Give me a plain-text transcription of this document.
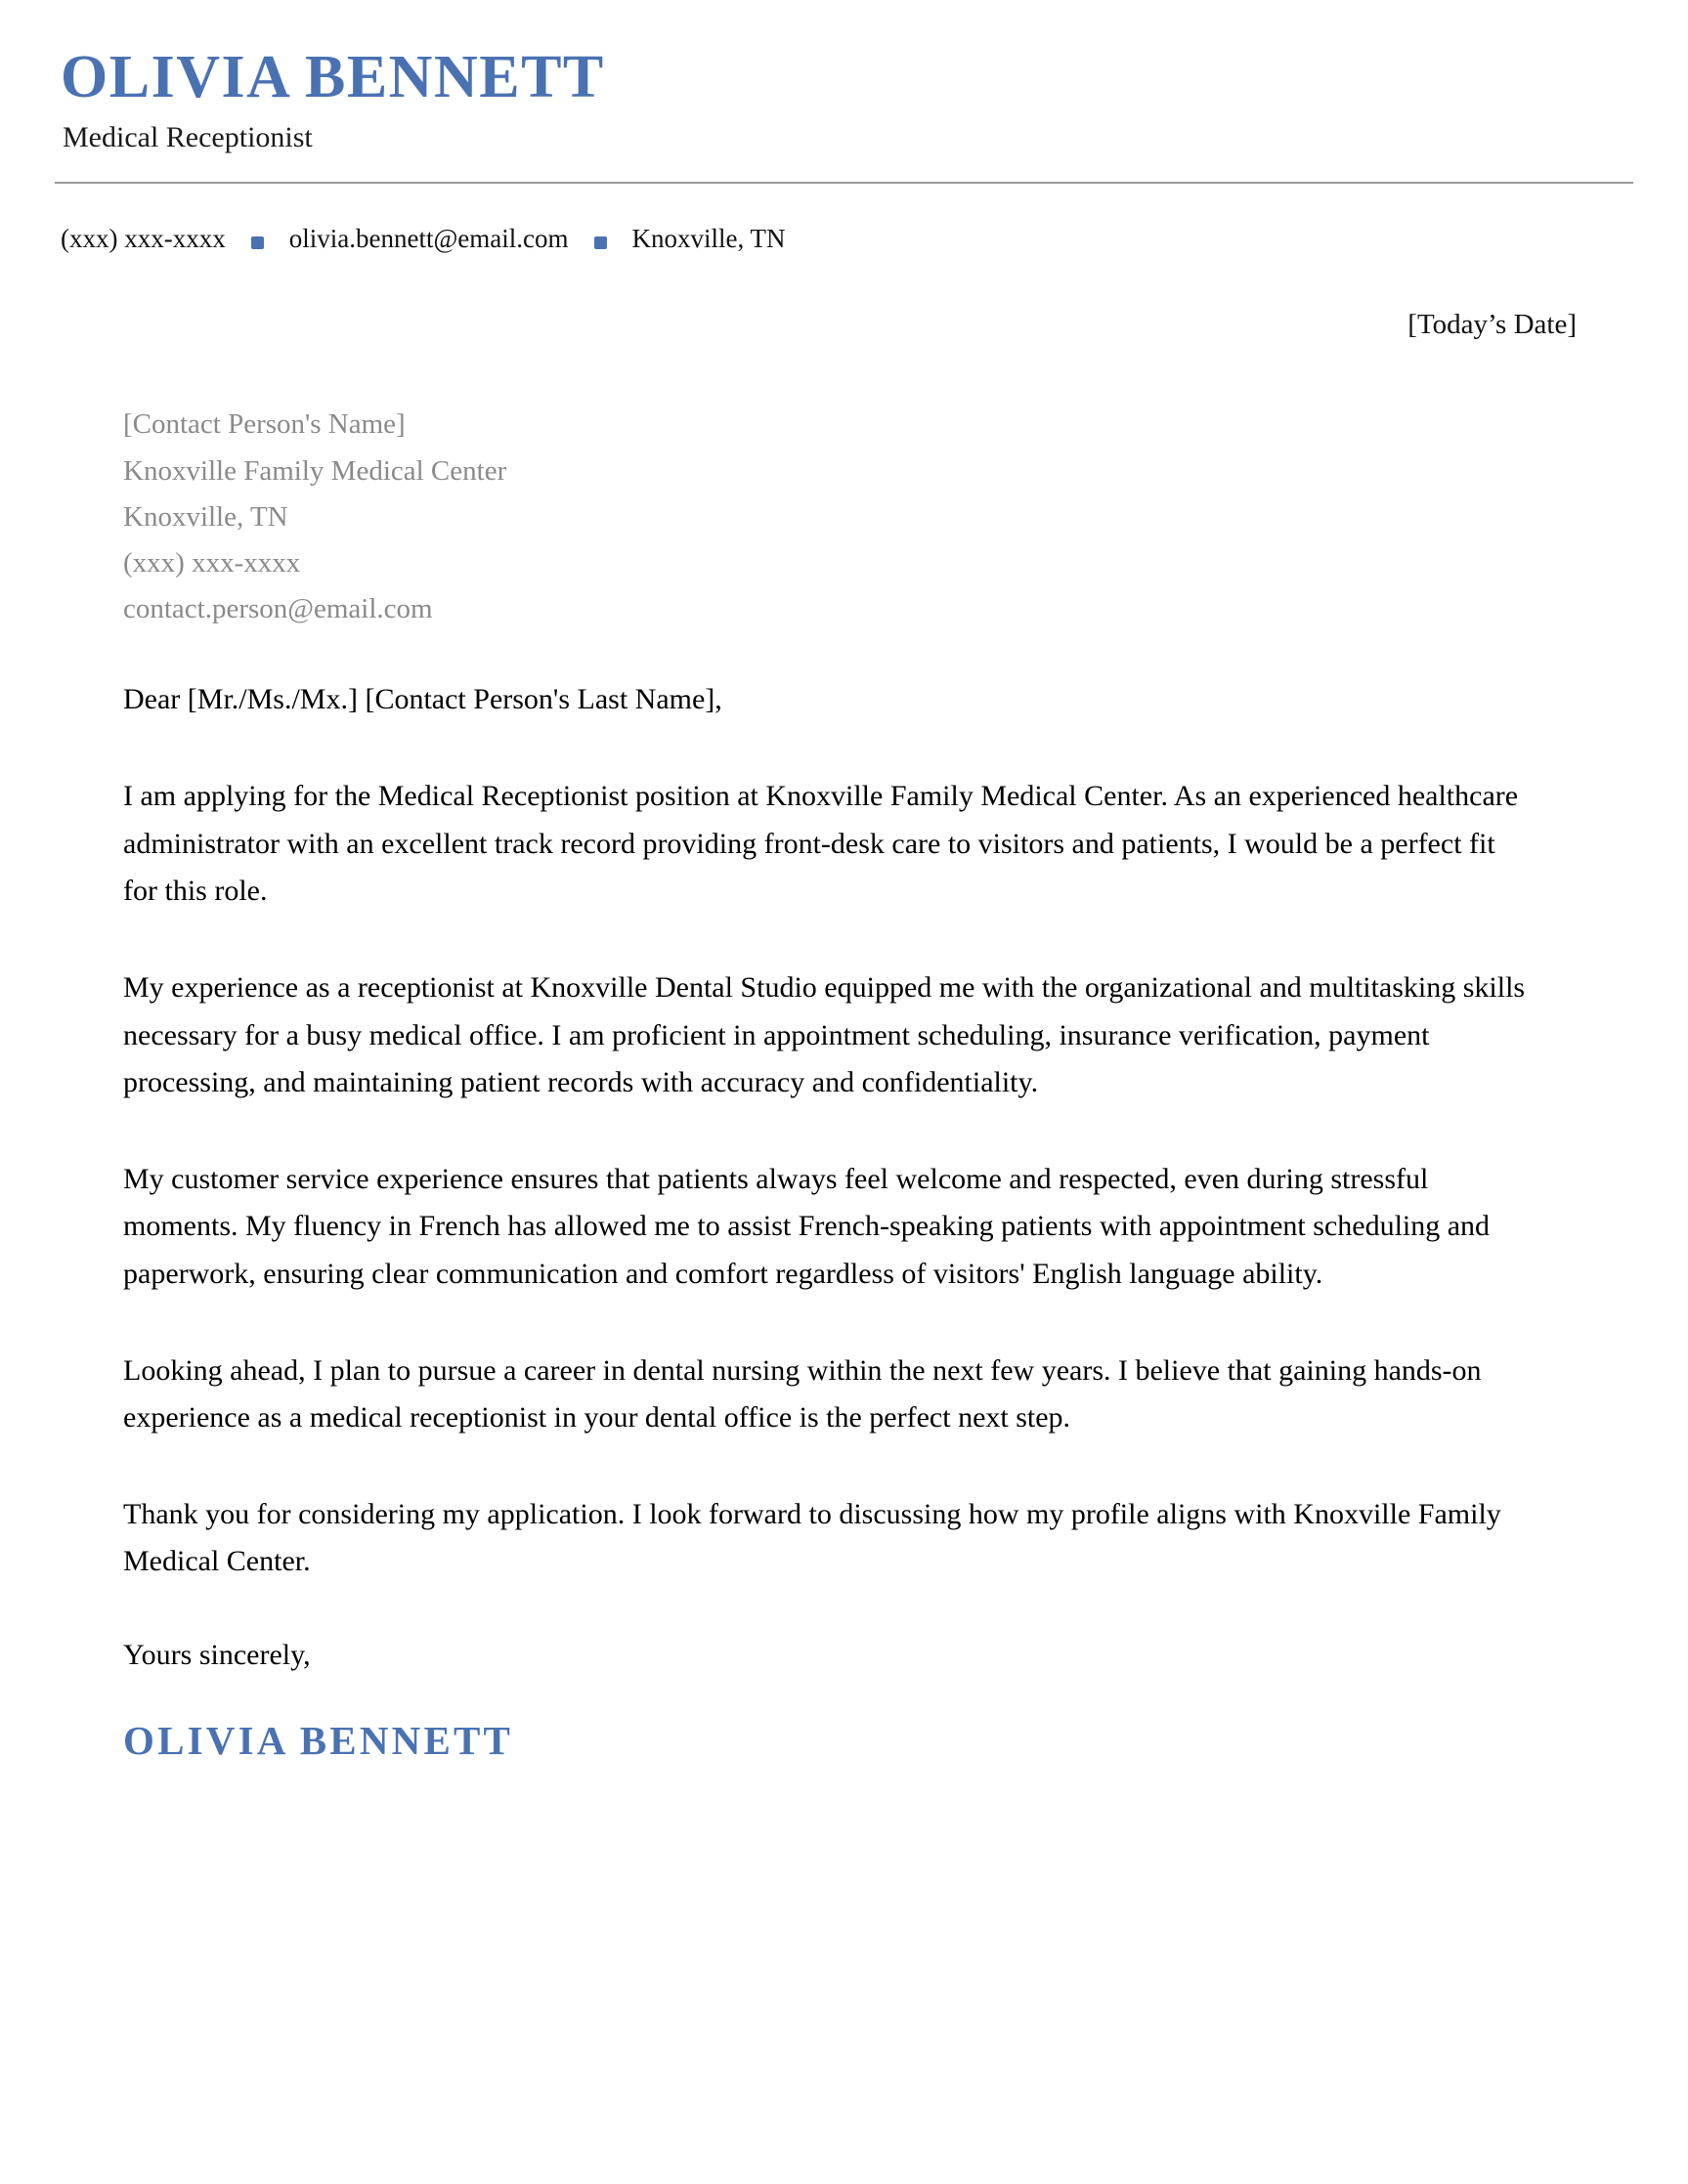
OLIVIA BENNETT
Medical Receptionist
(xxx) xxx-xxxx olivia.bennett@email.com Knoxville, TN
[Today’s Date]
[Contact Person's Name]
Knoxville Family Medical Center
Knoxville, TN
(xxx) xxx-xxxx
contact.person@email.com

Dear [Mr./Ms./Mx.] [Contact Person's Last Name],

I am applying for the Medical Receptionist position at Knoxville Family Medical Center. As an experienced healthcare administrator with an excellent track record providing front-desk care to visitors and patients, I would be a perfect fit for this role.

My experience as a receptionist at Knoxville Dental Studio equipped me with the organizational and multitasking skills necessary for a busy medical office. I am proficient in appointment scheduling, insurance verification, payment processing, and maintaining patient records with accuracy and confidentiality.

My customer service experience ensures that patients always feel welcome and respected, even during stressful moments. My fluency in French has allowed me to assist French-speaking patients with appointment scheduling and paperwork, ensuring clear communication and comfort regardless of visitors' English language ability.

Looking ahead, I plan to pursue a career in dental nursing within the next few years. I believe that gaining hands-on experience as a medical receptionist in your dental office is the perfect next step.

Thank you for considering my application. I look forward to discussing how my profile aligns with Knoxville Family Medical Center.

Yours sincerely,
OLIVIA BENNETT
